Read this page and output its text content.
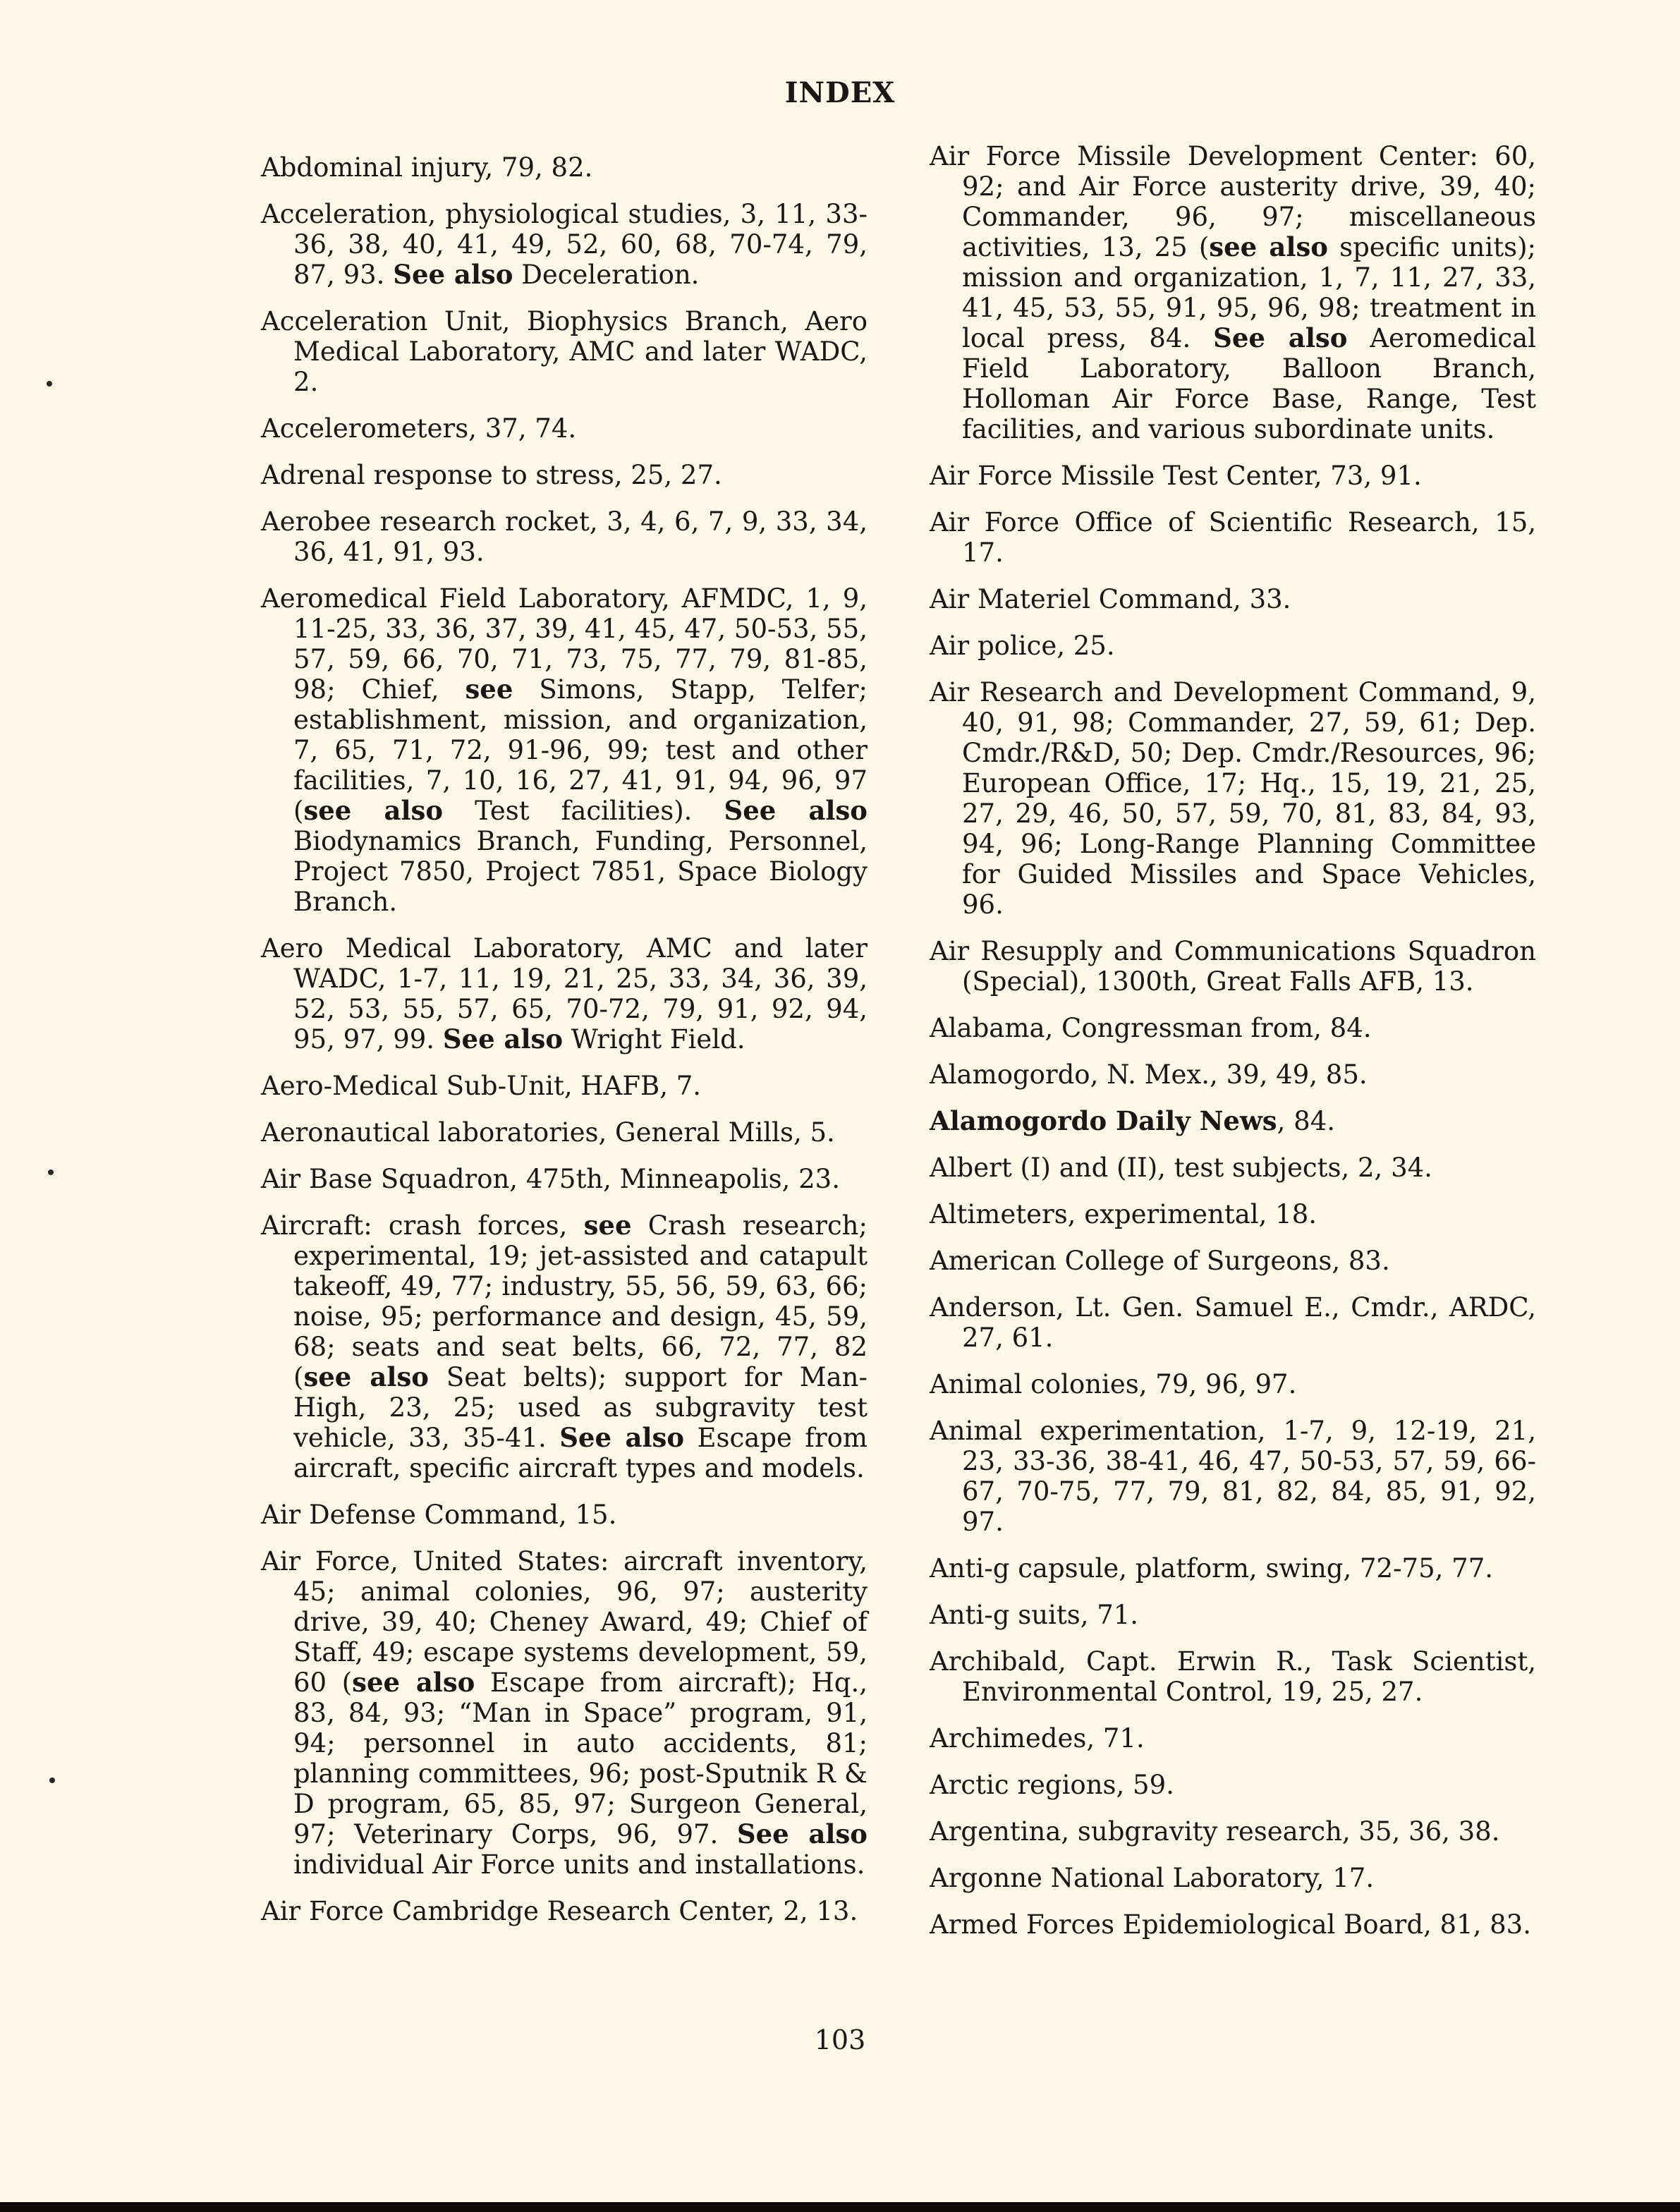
INDEX

Abdominal injury, 79, 82.

Acceleration, physiological studies, 3, 11, 33-36, 38, 40, 41, 49, 52, 60, 68, 70-74, 79, 87, 93. See also Deceleration.

Acceleration Unit, Biophysics Branch, Aero Medical Laboratory, AMC and later WADC, 2.

Accelerometers, 37, 74.

Adrenal response to stress, 25, 27.

Aerobee research rocket, 3, 4, 6, 7, 9, 33, 34, 36, 41, 91, 93.

Aeromedical Field Laboratory, AFMDC, 1, 9, 11-25, 33, 36, 37, 39, 41, 45, 47, 50-53, 55, 57, 59, 66, 70, 71, 73, 75, 77, 79, 81-85, 98; Chief, see Simons, Stapp, Telfer; establishment, mission, and organization, 7, 65, 71, 72, 91-96, 99; test and other facilities, 7, 10, 16, 27, 41, 91, 94, 96, 97 (see also Test facilities). See also Biodynamics Branch, Funding, Personnel, Project 7850, Project 7851, Space Biology Branch.

Aero Medical Laboratory, AMC and later WADC, 1-7, 11, 19, 21, 25, 33, 34, 36, 39, 52, 53, 55, 57, 65, 70-72, 79, 91, 92, 94, 95, 97, 99. See also Wright Field.

Aero-Medical Sub-Unit, HAFB, 7.

Aeronautical laboratories, General Mills, 5.

Air Base Squadron, 475th, Minneapolis, 23.

Aircraft: crash forces, see Crash research; experimental, 19; jet-assisted and catapult takeoff, 49, 77; industry, 55, 56, 59, 63, 66; noise, 95; performance and design, 45, 59, 68; seats and seat belts, 66, 72, 77, 82 (see also Seat belts); support for Man-High, 23, 25; used as subgravity test vehicle, 33, 35-41. See also Escape from aircraft, specific aircraft types and models.

Air Defense Command, 15.

Air Force, United States: aircraft inventory, 45; animal colonies, 96, 97; austerity drive, 39, 40; Cheney Award, 49; Chief of Staff, 49; escape systems development, 59, 60 (see also Escape from aircraft); Hq., 83, 84, 93; “Man in Space” program, 91, 94; personnel in auto accidents, 81; planning committees, 96; post-Sputnik R & D program, 65, 85, 97; Surgeon General, 97; Veterinary Corps, 96, 97. See also individual Air Force units and installations.

Air Force Cambridge Research Center, 2, 13.

Air Force Missile Development Center: 60, 92; and Air Force austerity drive, 39, 40; Commander, 96, 97; miscellaneous activities, 13, 25 (see also specific units); mission and organization, 1, 7, 11, 27, 33, 41, 45, 53, 55, 91, 95, 96, 98; treatment in local press, 84. See also Aeromedical Field Laboratory, Balloon Branch, Holloman Air Force Base, Range, Test facilities, and various subordinate units.

Air Force Missile Test Center, 73, 91.

Air Force Office of Scientific Research, 15, 17.

Air Materiel Command, 33.

Air police, 25.

Air Research and Development Command, 9, 40, 91, 98; Commander, 27, 59, 61; Dep. Cmdr./R&D, 50; Dep. Cmdr./Resources, 96; European Office, 17; Hq., 15, 19, 21, 25, 27, 29, 46, 50, 57, 59, 70, 81, 83, 84, 93, 94, 96; Long-Range Planning Committee for Guided Missiles and Space Vehicles, 96.

Air Resupply and Communications Squadron (Special), 1300th, Great Falls AFB, 13.

Alabama, Congressman from, 84.

Alamogordo, N. Mex., 39, 49, 85.

Alamogordo Daily News, 84.

Albert (I) and (II), test subjects, 2, 34.

Altimeters, experimental, 18.

American College of Surgeons, 83.

Anderson, Lt. Gen. Samuel E., Cmdr., ARDC, 27, 61.

Animal colonies, 79, 96, 97.

Animal experimentation, 1-7, 9, 12-19, 21, 23, 33-36, 38-41, 46, 47, 50-53, 57, 59, 66-67, 70-75, 77, 79, 81, 82, 84, 85, 91, 92, 97.

Anti-g capsule, platform, swing, 72-75, 77.

Anti-g suits, 71.

Archibald, Capt. Erwin R., Task Scientist, Environmental Control, 19, 25, 27.

Archimedes, 71.

Arctic regions, 59.

Argentina, subgravity research, 35, 36, 38.

Argonne National Laboratory, 17.

Armed Forces Epidemiological Board, 81, 83.

103
